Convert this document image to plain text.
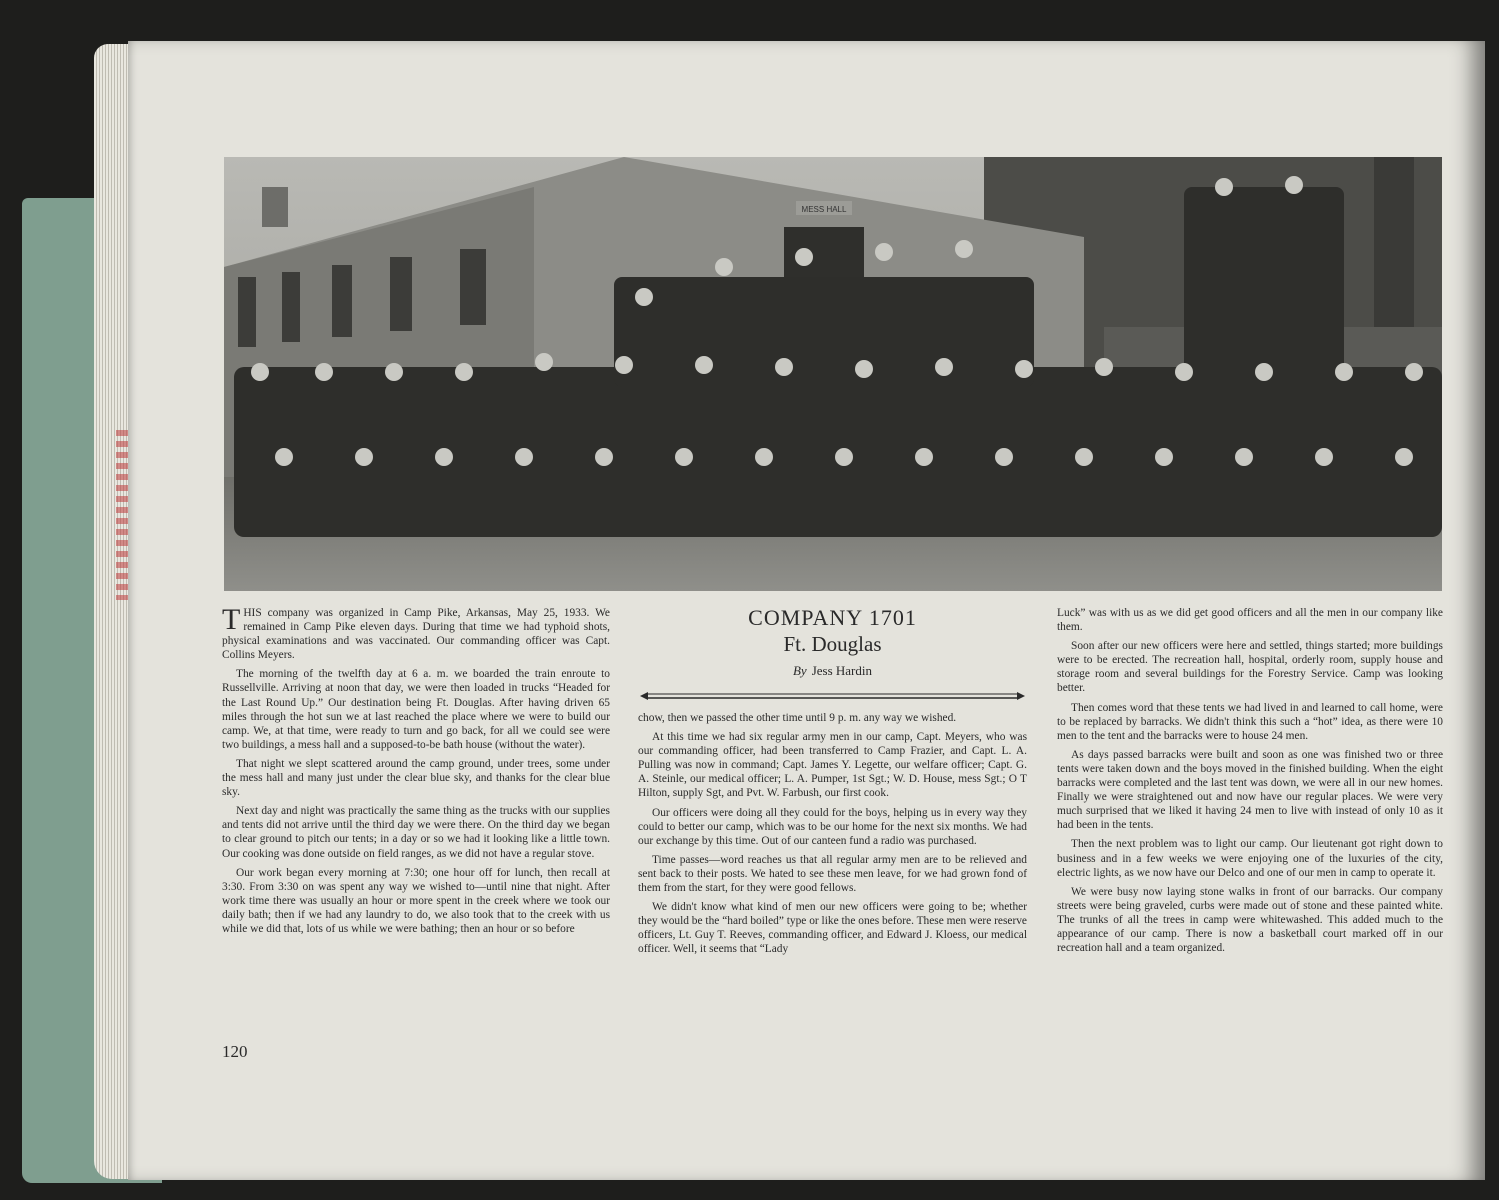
MESS HALL

THIS company was organized in Camp Pike, Arkansas, May 25, 1933. We remained in Camp Pike eleven days. During that time we had typhoid shots, physical examinations and was vaccinated. Our commanding officer was Capt. Collins Meyers.

The morning of the twelfth day at 6 a. m. we boarded the train enroute to Russellville. Arriving at noon that day, we were then loaded in trucks “Headed for the Last Round Up.” Our destination being Ft. Douglas. After having driven 65 miles through the hot sun we at last reached the place where we were to build our camp. We, at that time, were ready to turn and go back, for all we could see were two buildings, a mess hall and a supposed-to-be bath house (without the water).

That night we slept scattered around the camp ground, under trees, some under the mess hall and many just under the clear blue sky, and thanks for the clear blue sky.

Next day and night was practically the same thing as the trucks with our supplies and tents did not arrive until the third day we were there. On the third day we began to clear ground to pitch our tents; in a day or so we had it looking like a little town. Our cooking was done outside on field ranges, as we did not have a regular stove.

Our work began every morning at 7:30; one hour off for lunch, then recall at 3:30. From 3:30 on was spent any way we wished to—until nine that night. After work time there was usually an hour or more spent in the creek where we took our daily bath; then if we had any laundry to do, we also took that to the creek with us while we did that, lots of us while we were bathing; then an hour or so before

COMPANY 1701

Ft. Douglas

By Jess Hardin

chow, then we passed the other time until 9 p. m. any way we wished.

At this time we had six regular army men in our camp, Capt. Meyers, who was our commanding officer, had been transferred to Camp Frazier, and Capt. L. A. Pulling was now in command; Capt. James Y. Legette, our welfare officer; Capt. G. A. Steinle, our medical officer; L. A. Pumper, 1st Sgt.; W. D. House, mess Sgt.; O T Hilton, supply Sgt, and Pvt. W. Farbush, our first cook.

Our officers were doing all they could for the boys, helping us in every way they could to better our camp, which was to be our home for the next six months. We had our exchange by this time. Out of our canteen fund a radio was purchased.

Time passes—word reaches us that all regular army men are to be relieved and sent back to their posts. We hated to see these men leave, for we had grown fond of them from the start, for they were good fellows.

We didn't know what kind of men our new officers were going to be; whether they would be the “hard boiled” type or like the ones before. These men were reserve officers, Lt. Guy T. Reeves, commanding officer, and Edward J. Kloess, our medical officer. Well, it seems that “Lady

Luck” was with us as we did get good officers and all the men in our company like them.

Soon after our new officers were here and settled, things started; more buildings were to be erected. The recreation hall, hospital, orderly room, supply house and storage room and several buildings for the Forestry Service. Camp was looking better.

Then comes word that these tents we had lived in and learned to call home, were to be replaced by barracks. We didn't think this such a “hot” idea, as there were 10 men to the tent and the barracks were to house 24 men.

As days passed barracks were built and soon as one was finished two or three tents were taken down and the boys moved in the finished building. When the eight barracks were completed and the last tent was down, we were all in our new homes. Finally we were straightened out and now have our regular places. We were very much surprised that we liked it having 24 men to live with instead of only 10 as it had been in the tents.

Then the next problem was to light our camp. Our lieutenant got right down to business and in a few weeks we were enjoying one of the luxuries of the city, electric lights, as we now have our Delco and one of our men in camp to operate it.

We were busy now laying stone walks in front of our barracks. Our company streets were being graveled, curbs were made out of stone and these painted white. The trunks of all the trees in camp were whitewashed. This added much to the appearance of our camp. There is now a basketball court marked off in our recreation hall and a team organized.

120
